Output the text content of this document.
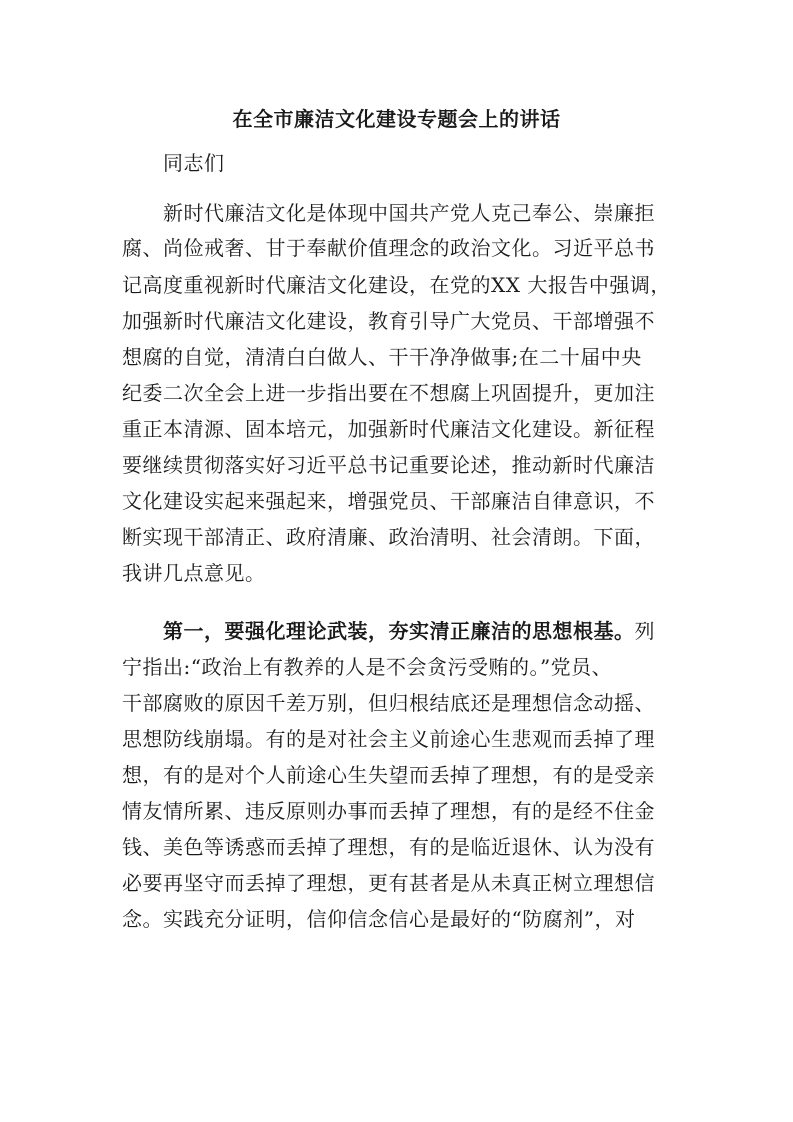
在全市廉洁文化建设专题会上的讲话
同志们
新时代廉洁文化是体现中国共产党人克己奉公、崇廉拒
腐、尚俭戒奢、甘于奉献价值理念的政治文化。习近平总书
记高度重视新时代廉洁文化建设，在党的XX 大报告中强调，
加强新时代廉洁文化建设，教育引导广大党员、干部增强不
想腐的自觉，清清白白做人、干干净净做事;在二十届中央
纪委二次全会上进一步指出要在不想腐上巩固提升，更加注
重正本清源、固本培元，加强新时代廉洁文化建设。新征程
要继续贯彻落实好习近平总书记重要论述，推动新时代廉洁
文化建设实起来强起来，增强党员、干部廉洁自律意识，不
断实现干部清正、政府清廉、政治清明、社会清朗。下面，
我讲几点意见。
第一，要强化理论武装，夯实清正廉洁的思想根基。列
宁指出:“政治上有教养的人是不会贪污受贿的。”党员、
干部腐败的原因千差万别，但归根结底还是理想信念动摇、
思想防线崩塌。有的是对社会主义前途心生悲观而丢掉了理
想，有的是对个人前途心生失望而丢掉了理想，有的是受亲
情友情所累、违反原则办事而丢掉了理想，有的是经不住金
钱、美色等诱惑而丢掉了理想，有的是临近退休、认为没有
必要再坚守而丢掉了理想，更有甚者是从未真正树立理想信
念。实践充分证明，信仰信念信心是最好的“防腐剂”，对
